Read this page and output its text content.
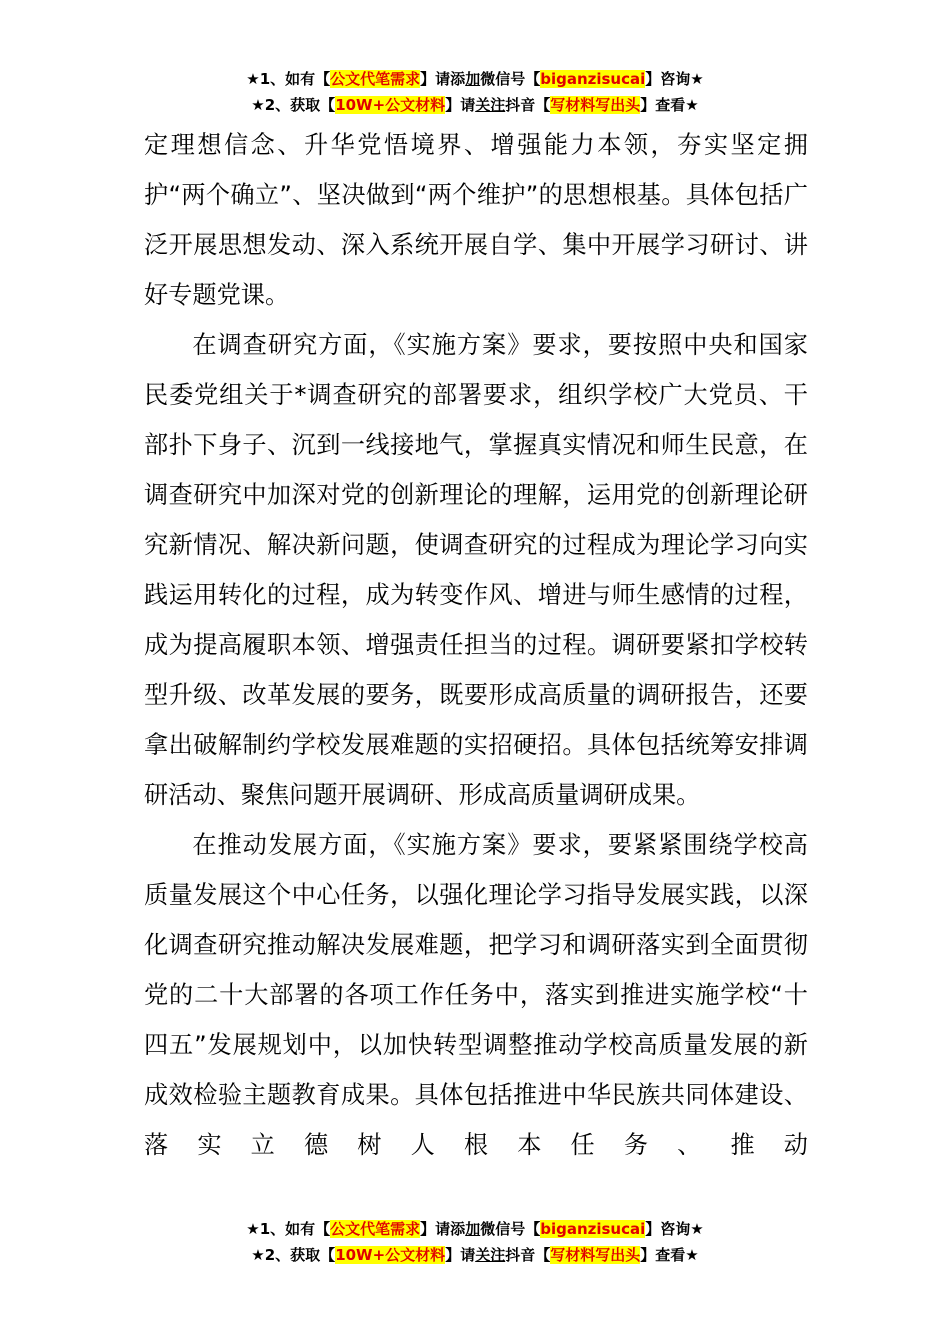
★1、如有【公文代笔需求】请添加微信号【biganzisucai】咨询★
★2、获取【10W+公文材料】请关注抖音【写材料写出头】查看★

定理想信念、升华党悟境界、增强能力本领，夯实坚定拥护“两个确立”、坚决做到“两个维护”的思想根基。具体包括广泛开展思想发动、深入系统开展自学、集中开展学习研讨、讲好专题党课。

在调查研究方面，《实施方案》要求，要按照中央和国家民委党组关于*调查研究的部署要求，组织学校广大党员、干部扑下身子、沉到一线接地气，掌握真实情况和师生民意，在调查研究中加深对党的创新理论的理解，运用党的创新理论研究新情况、解决新问题，使调查研究的过程成为理论学习向实践运用转化的过程，成为转变作风、增进与师生感情的过程，成为提高履职本领、增强责任担当的过程。调研要紧扣学校转型升级、改革发展的要务，既要形成高质量的调研报告，还要拿出破解制约学校发展难题的实招硬招。具体包括统筹安排调研活动、聚焦问题开展调研、形成高质量调研成果。

在推动发展方面，《实施方案》要求，要紧紧围绕学校高质量发展这个中心任务，以强化理论学习指导发展实践，以深化调查研究推动解决发展难题，把学习和调研落实到全面贯彻党的二十大部署的各项工作任务中，落实到推进实施学校“十四五”发展规划中，以加快转型调整推动学校高质量发展的新成效检验主题教育成果。具体包括推进中华民族共同体建设、落实立德树人根本任务、推动

★1、如有【公文代笔需求】请添加微信号【biganzisucai】咨询★
★2、获取【10W+公文材料】请关注抖音【写材料写出头】查看★
